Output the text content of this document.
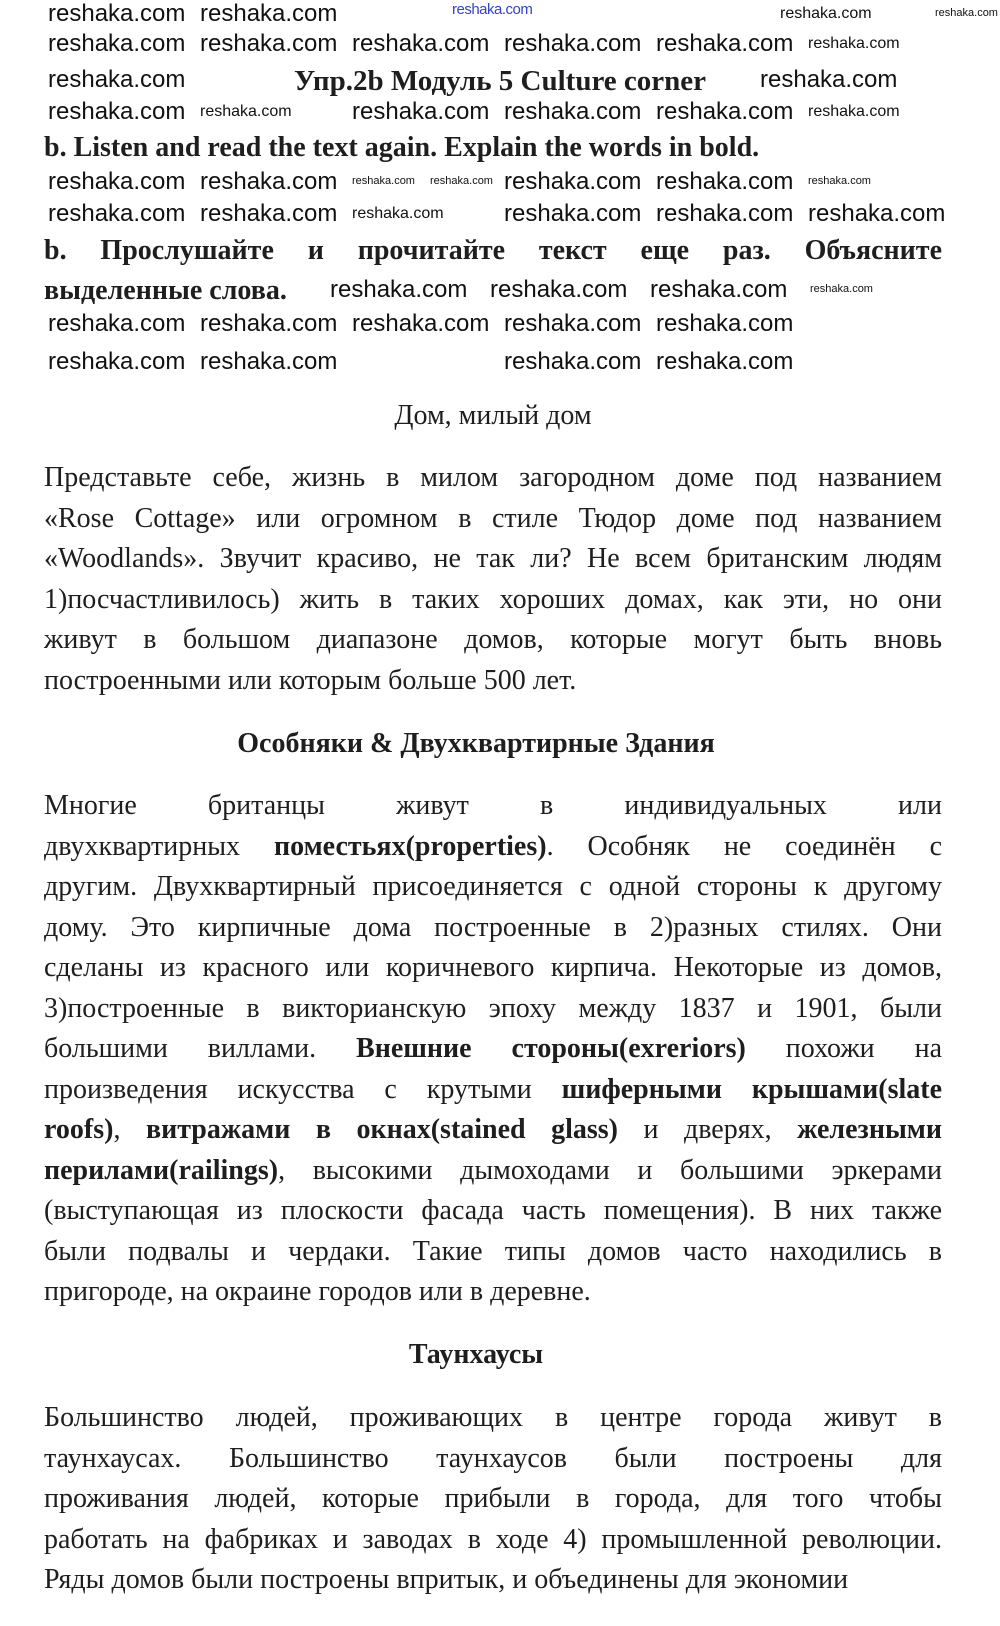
Упр.2b Модуль 5 Culture corner
b. Listen and read the text again. Explain the words in bold.
b. Прослушайте и прочитайте текст еще раз. Объясните
выделенные слова.
Дом, милый дом
Представьте себе, жизнь в милом загородном доме под названием
«Rose Cottage» или огромном в стиле Тюдор доме под названием
«Woodlands». Звучит красиво, не так ли? Не всем британским людям
1)посчастливилось) жить в таких хороших домах, как эти, но они
живут в большом диапазоне домов, которые могут быть вновь
построенными или которым больше 500 лет.
Особняки & Двухквартирные Здания
Многие британцы живут в индивидуальных или
двухквартирных поместьях(properties). Особняк не соединён с
другим. Двухквартирный присоединяется с одной стороны к другому
дому. Это кирпичные дома построенные в 2)разных стилях. Они
сделаны из красного или коричневого кирпича. Некоторые из домов,
3)построенные в викторианскую эпоху между 1837 и 1901, были
большими виллами. Внешние стороны(exreriors) похожи на
произведения искусства с крутыми шиферными крышами(slate
roofs), витражами в окнах(stained glass) и дверях, железными
перилами(railings), высокими дымоходами и большими эркерами
(выступающая из плоскости фасада часть помещения). В них также
были подвалы и чердаки. Такие типы домов часто находились в
пригороде, на окраине городов или в деревне.
Таунхаусы
Большинство людей, проживающих в центре города живут в
таунхаусах. Большинство таунхаусов были построены для
проживания людей, которые прибыли в города, для того чтобы
работать на фабриках и заводах в ходе 4) промышленной революции.
Ряды домов были построены впритык, и объединены для экономии
reshaka.com	reshaka.com	reshaka.com
reshaka.com reshaka.com
reshaka.com reshaka.com reshaka.com reshaka.com reshaka.com reshaka.com
reshaka.com	reshaka.com
reshaka.com reshaka.com	reshaka.com reshaka.com reshaka.com reshaka.com
reshaka.com reshaka.com reshaka.com reshaka.com reshaka.com reshaka.com reshaka.com
reshaka.com reshaka.com reshaka.com	reshaka.com reshaka.com reshaka.com
reshaka.com reshaka.com reshaka.com reshaka.com
reshaka.com reshaka.com reshaka.com reshaka.com reshaka.com
reshaka.com reshaka.com	reshaka.com reshaka.com
